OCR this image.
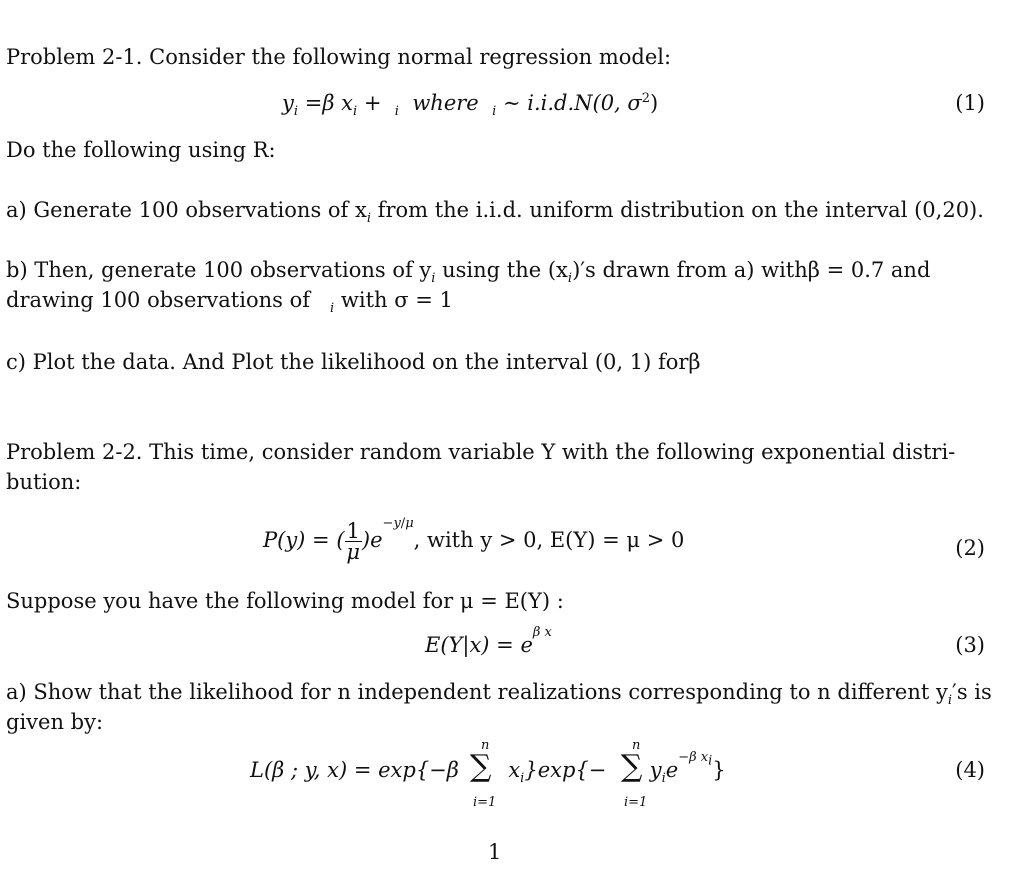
Problem 2-1. Consider the following normal regression model:
$y_i =\beta$ $x_i + _i$ where $_i$ ∼ i.i.d.N(0, $\sigma^2$)	(1)
Do the following using R:
a) Generate 100 observations of $x_i$ from the i.i.d. uniform distribution on the interval (0,20).
b) Then, generate 100 observations of $y_i$ using the $(x_i)'s$ drawn from a) withβ = 0.7 and
drawing 100 observations of $_i$ with σ = 1
c) Plot the data. And Plot the likelihood on the interval (0, 1) forβ
Problem 2-2. This time, consider random variable Y with the following exponential distri-
bution:
P(y) = ( $\frac{1}{\mu} )e^{-y/\mu}$, with y > 0, E(Y) = μ > 0	(2)
Suppose you have the following model for μ = E(Y) :
$E(Y|x) = e^{\beta x}$
(3)
a) Show that the likelihood for n independent realizations corresponding to n different $y_i's$ is
given by:
L(β ; y, x) = exp{−β $x_i\}\exp\{- y_ie^{-\beta x_i}\}$
∑
n
i=1
∑
n
i=1
(4)
1
